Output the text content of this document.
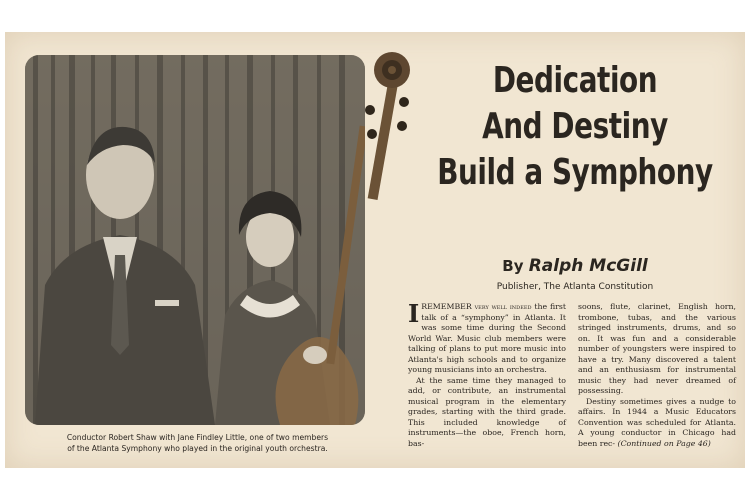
Conductor Robert Shaw with Jane Findley Little, one of two members
of the Atlanta Symphony who played in the original youth orchestra.
Dedication
And Destiny
Build a Symphony
By Ralph McGill
Publisher, The Atlanta Constitution

IREMEMBER very well indeed the first talk of a “symphony” in Atlanta. It was some time during the Second World War. Music club members were talking of plans to put more music into Atlanta's high schools and to organize young musicians into an orchestra.

At the same time they managed to add, or contribute, an instrumental musical program in the elementary grades, starting with the third grade. This included knowledge of instruments—the oboe, French horn, bas-

soons, flute, clarinet, English horn, trombone, tubas, and the various stringed instruments, drums, and so on. It was fun and a considerable number of youngsters were inspired to have a try. Many discovered a talent and an enthusiasm for instrumental music they had never dreamed of possessing.

Destiny sometimes gives a nudge to affairs. In 1944 a Music Educators Convention was scheduled for Atlanta. A young conductor in Chicago had been rec- (Continued on Page 46)
